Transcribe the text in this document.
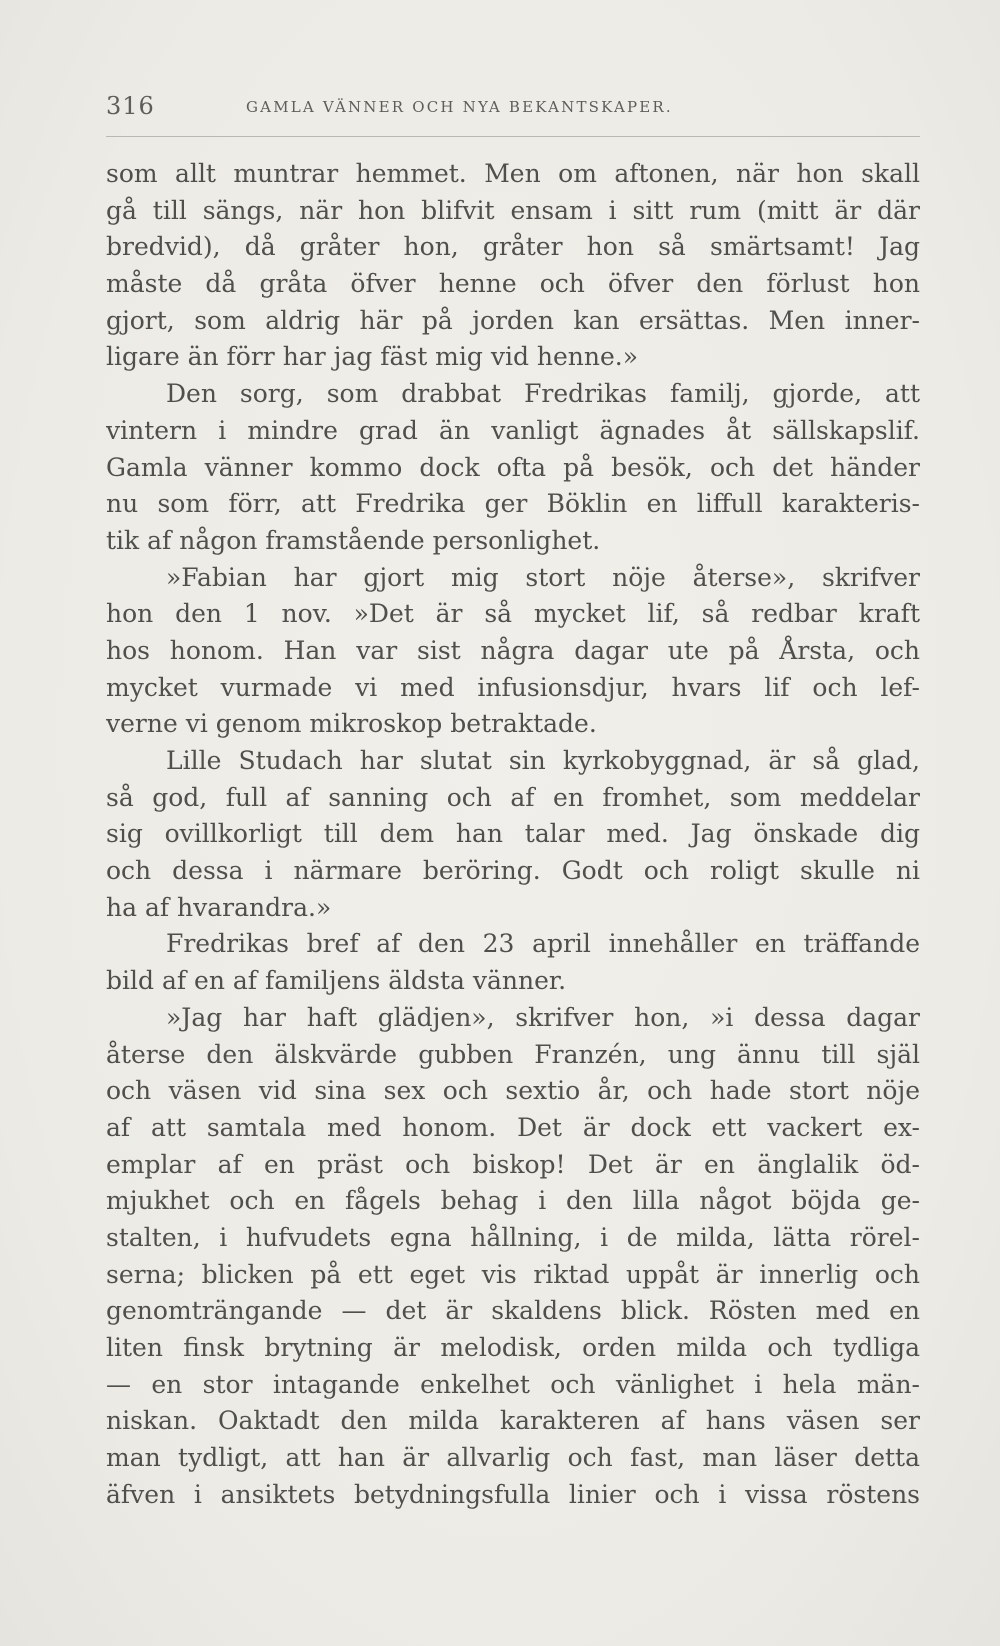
316	GAMLA VÄNNER OCH NYA BEKANTSKAPER.
som allt muntrar hemmet. Men om aftonen, när hon skall
gå till sängs, när hon blifvit ensam i sitt rum (mitt är där
bredvid), då gråter hon, gråter hon så smärtsamt! Jag
måste då gråta öfver henne och öfver den förlust hon
gjort, som aldrig här på jorden kan ersättas. Men inner-
ligare än förr har jag fäst mig vid henne.»
Den sorg, som drabbat Fredrikas familj, gjorde, att
vintern i mindre grad än vanligt ägnades åt sällskapslif.
Gamla vänner kommo dock ofta på besök, och det händer
nu som förr, att Fredrika ger Böklin en liffull karakteris-
tik af någon framstående personlighet.
»Fabian har gjort mig stort nöje återse», skrifver
hon den 1 nov. »Det är så mycket lif, så redbar kraft
hos honom. Han var sist några dagar ute på Årsta, och
mycket vurmade vi med infusionsdjur, hvars lif och lef-
verne vi genom mikroskop betraktade.
Lille Studach har slutat sin kyrkobyggnad, är så glad,
så god, full af sanning och af en fromhet, som meddelar
sig ovillkorligt till dem han talar med. Jag önskade dig
och dessa i närmare beröring. Godt och roligt skulle ni
ha af hvarandra.»
Fredrikas bref af den 23 april innehåller en träffande
bild af en af familjens äldsta vänner.
»Jag har haft glädjen», skrifver hon, »i dessa dagar
återse den älskvärde gubben Franzén, ung ännu till själ
och väsen vid sina sex och sextio år, och hade stort nöje
af att samtala med honom. Det är dock ett vackert ex-
emplar af en präst och biskop! Det är en änglalik öd-
mjukhet och en fågels behag i den lilla något böjda ge-
stalten, i hufvudets egna hållning, i de milda, lätta rörel-
serna; blicken på ett eget vis riktad uppåt är innerlig och
genomträngande — det är skaldens blick. Rösten med en
liten finsk brytning är melodisk, orden milda och tydliga
— en stor intagande enkelhet och vänlighet i hela män-
niskan. Oaktadt den milda karakteren af hans väsen ser
man tydligt, att han är allvarlig och fast, man läser detta
äfven i ansiktets betydningsfulla linier och i vissa röstens
